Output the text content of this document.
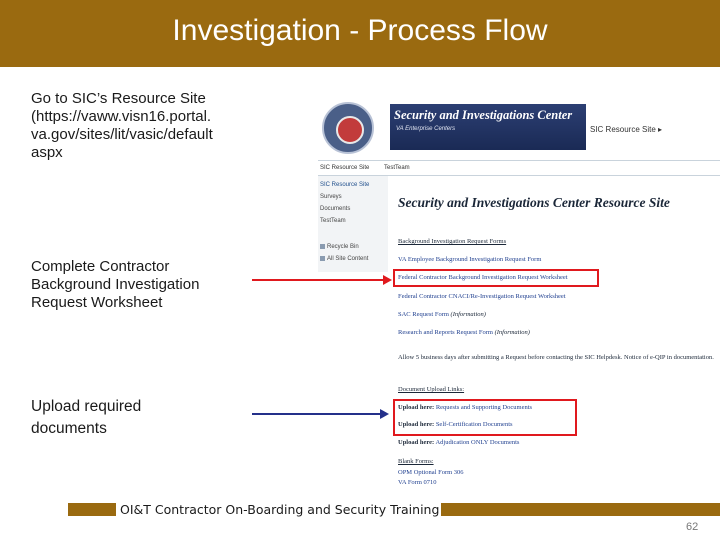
Investigation - Process Flow
Go to SIC’s Resource Site
(https://vaww.visn16.portal.
va.gov/sites/lit/vasic/default
aspx
Complete Contractor
Background Investigation
Request Worksheet
Upload required
documents
Security and Investigations Center
VA Enterprise Centers	SIC Resource Site ▸
SIC Resource Site TestTeam
SIC Resource Site
Surveys
Documents
TestTeam
Recycle Bin
All Site Content
Security and Investigations Center Resource Site
Background Investigation Request Forms
VA Employee Background Investigation Request Form
Federal Contractor Background Investigation Request Worksheet
Federal Contractor CNACI/Re-Investigation Request Worksheet
SAC Request Form (Information)
Research and Reports Request Form (Information)
Allow 5 business days after submitting a Request before contacting the SIC Helpdesk. Notice of e-QIP in documentation.
Document Upload Links:
Upload here: Requests and Supporting Documents
Upload here: Self-Certification Documents
Upload here: Adjudication ONLY Documents
Blank Forms:
OPM Optional Form 306
VA Form 0710
OI&T Contractor On-Boarding and Security Training
62
